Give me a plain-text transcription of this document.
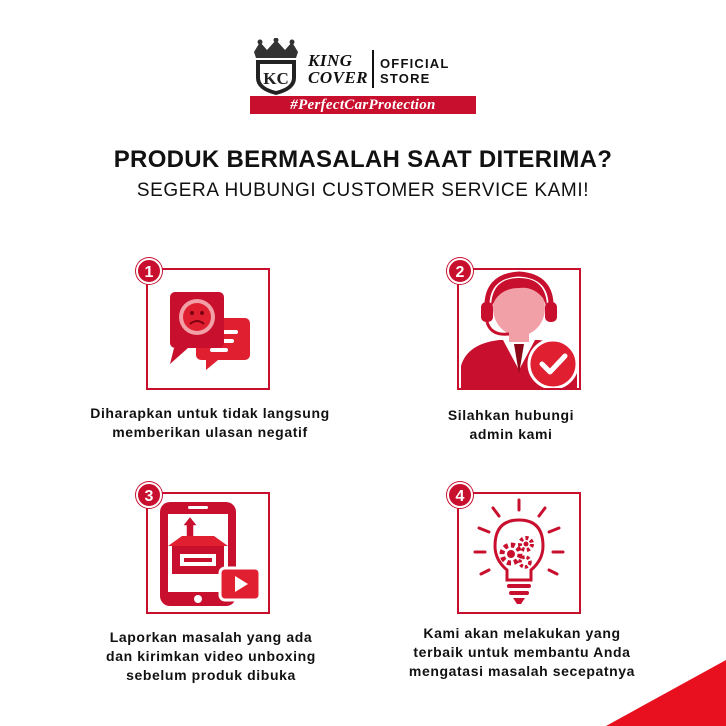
KC
KING
COVER
OFFICIAL
STORE
#PerfectCarProtection
PRODUK BERMASALAH SAAT DITERIMA?
SEGERA HUBUNGI CUSTOMER SERVICE KAMI!
1	2
3	4
Diharapkan untuk tidak langsung
memberikan ulasan negatif
Silahkan hubungi
admin kami
Laporkan masalah yang ada
dan kirimkan video unboxing
sebelum produk dibuka
Kami akan melakukan yang
terbaik untuk membantu Anda
mengatasi masalah secepatnya
